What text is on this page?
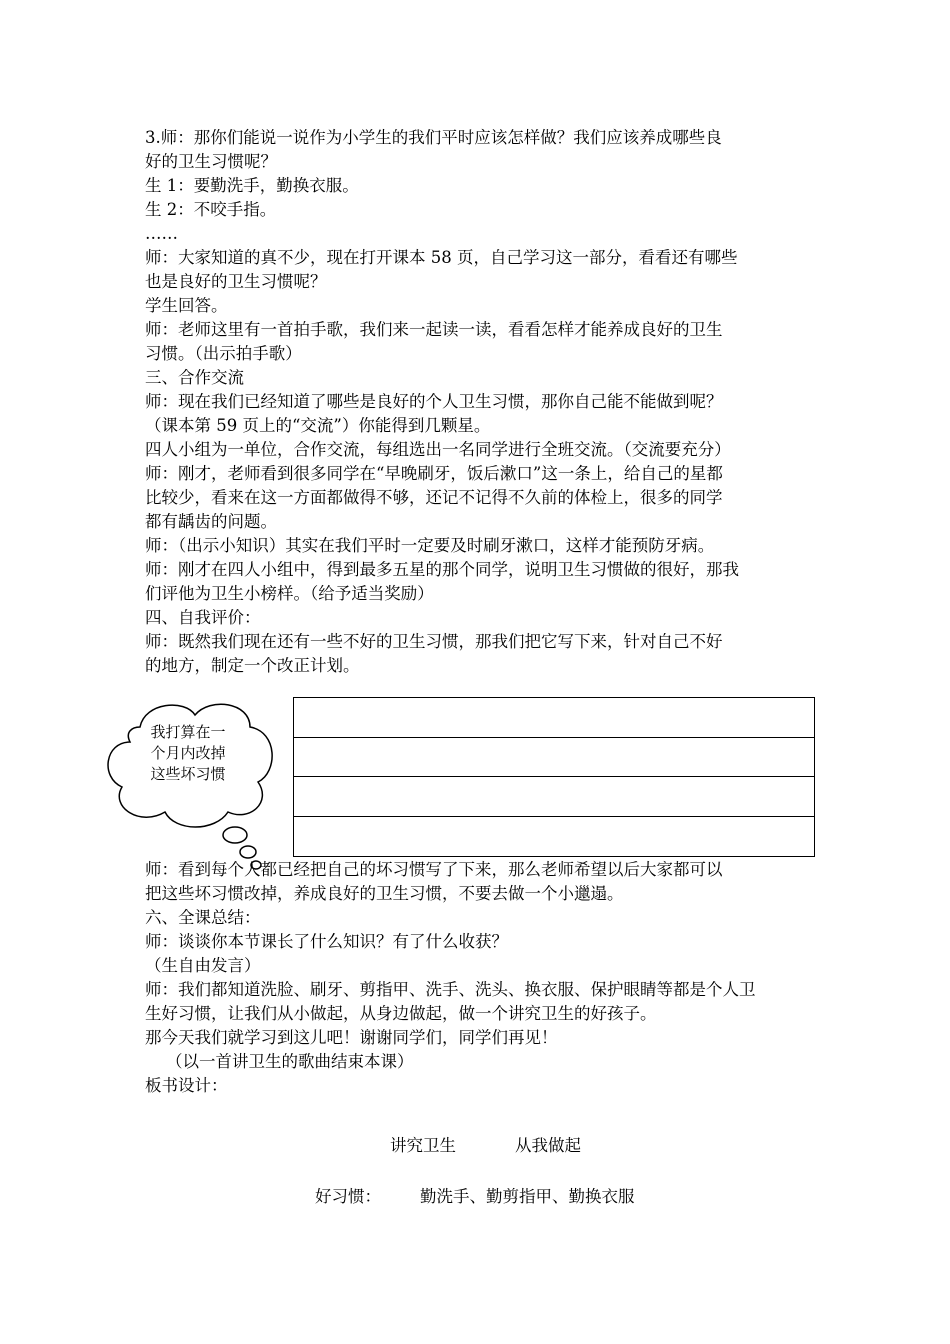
3.师：那你们能说一说作为小学生的我们平时应该怎样做？我们应该养成哪些良
好的卫生习惯呢？
生 1：要勤洗手，勤换衣服。
生 2：不咬手指。
……
师：大家知道的真不少，现在打开课本 58 页，自己学习这一部分，看看还有哪些
也是良好的卫生习惯呢？
学生回答。
师：老师这里有一首拍手歌，我们来一起读一读，看看怎样才能养成良好的卫生
习惯。（出示拍手歌）
三、合作交流
师：现在我们已经知道了哪些是良好的个人卫生习惯，那你自己能不能做到呢？
（课本第 59 页上的“交流”）你能得到几颗星。
四人小组为一单位，合作交流，每组选出一名同学进行全班交流。（交流要充分）
师：刚才，老师看到很多同学在“早晚刷牙，饭后漱口”这一条上，给自己的星都
比较少，看来在这一方面都做得不够，还记不记得不久前的体检上，很多的同学
都有龋齿的问题。
师：（出示小知识）其实在我们平时一定要及时刷牙漱口，这样才能预防牙病。
师：刚才在四人小组中，得到最多五星的那个同学，说明卫生习惯做的很好，那我
们评他为卫生小榜样。（给予适当奖励）
四、自我评价：
师：既然我们现在还有一些不好的卫生习惯，那我们把它写下来，针对自己不好
的地方，制定一个改正计划。
我打算在一
个月内改掉
这些坏习惯
师：看到每个人都已经把自己的坏习惯写了下来，那么老师希望以后大家都可以
把这些坏习惯改掉，养成良好的卫生习惯，不要去做一个小邋遢。
六、全课总结：
师：谈谈你本节课长了什么知识？有了什么收获？
（生自由发言）
师：我们都知道洗脸、刷牙、剪指甲、洗手、洗头、换衣服、保护眼睛等都是个人卫
生好习惯，让我们从小做起，从身边做起，做一个讲究卫生的好孩子。
那今天我们就学习到这儿吧！谢谢同学们，同学们再见！
（以一首讲卫生的歌曲结束本课）
板书设计：
讲究卫生	从我做起
好习惯： 勤洗手、勤剪指甲、勤换衣服
